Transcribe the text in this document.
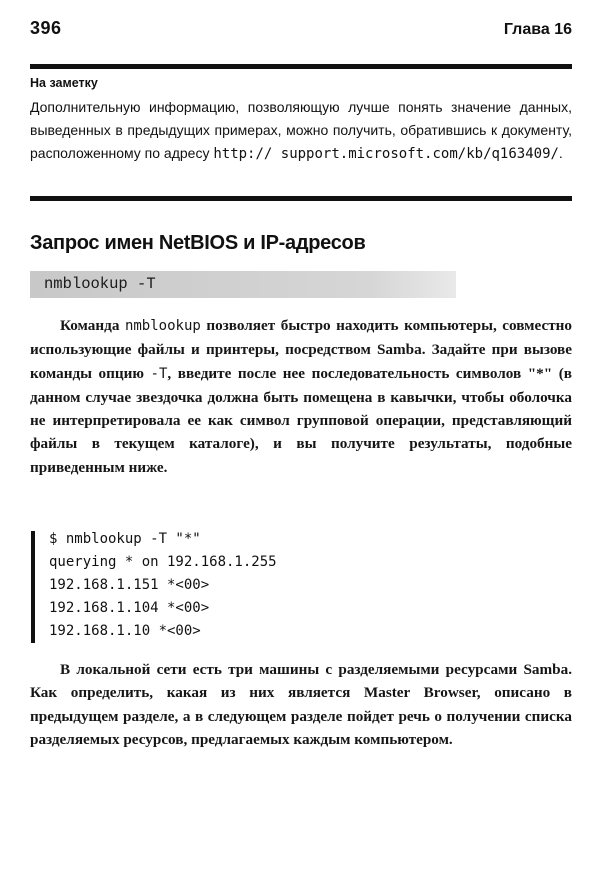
396	Глава 16
На заметку

Дополнительную информацию, позволяющую лучше понять значение данных, выведенных в предыдущих примерах, можно получить, обратившись к документу, расположенному по адресу http:// support.microsoft.com/kb/q163409/.

Запрос имен NetBIOS и IP-адресов
nmblookup -T

Команда nmblookup позволяет быстро находить компьютеры, совместно использующие файлы и принтеры, посредством Samba. Задайте при вызове команды опцию -T, введите после нее последовательность символов "*" (в данном случае звездочка должна быть помещена в кавычки, чтобы оболочка не интерпретировала ее как символ групповой операции, представляющий файлы в текущем каталоге), и вы получите результаты, подобные приведенным ниже.

$ nmblookup -T "*"
querying * on 192.168.1.255
192.168.1.151 *<00>
192.168.1.104 *<00>
192.168.1.10 *<00>

В локальной сети есть три машины с разделяемыми ресурсами Samba. Как определить, какая из них является Master Browser, описано в предыдущем разделе, а в следующем разделе пойдет речь о получении списка разделяемых ресурсов, предлагаемых каждым компьютером.
